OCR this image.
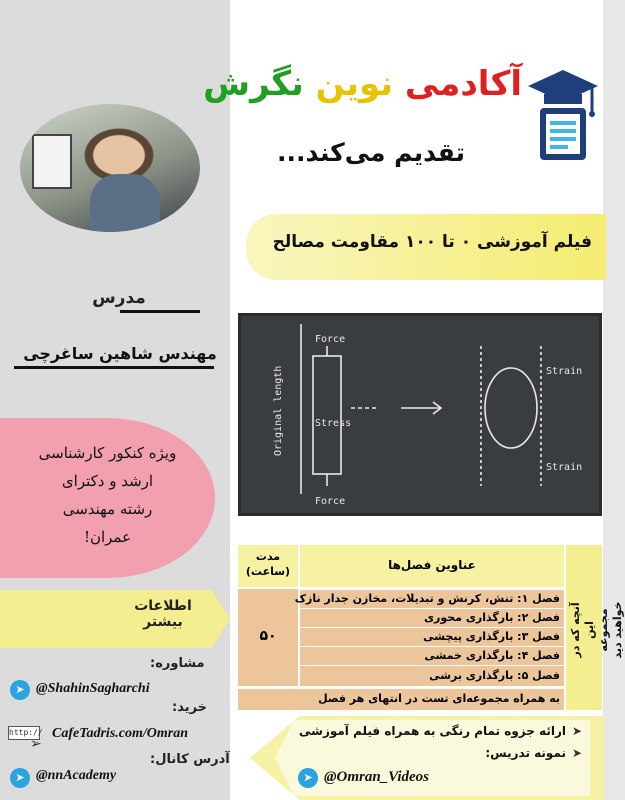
مدرس
مهندس شاهین ساغرچی
ویژه کنکور کارشناسی
ارشد و دکترای
رشته مهندسی
عمران!
اطلاعات بیشتر
مشاوره:
➤ @ShahinSagharchi
خرید:
http://
➢
CafeTadris.com/Omran
آدرس کانال:
➤ @nnAcademy
آکادمی نوین نگرش
تقدیم می‌کند...
فیلم آموزشی ۰ تا ۱۰۰ مقاومت مصالح
Force
Strain
Original length	Stress
Strain
Force
مدت (ساعت)	عناوین فصل‌ها
۵۰
فصل ۱: تنش، کرنش و تبدیلات، مخازن جدار نازک
فصل ۲: بارگذاری محوری
فصل ۳: بارگذاری پیچشی
فصل ۴: بارگذاری خمشی
فصل ۵: بارگذاری برشی
به همراه مجموعه‌ای تست در انتهای هر فصل
آنچه که در این مجموعه خواهید دید
➤
ارائه جزوه تمام رنگی به همراه فیلم آموزشی
➤
نمونه تدریس:
➤ @Omran_Videos
